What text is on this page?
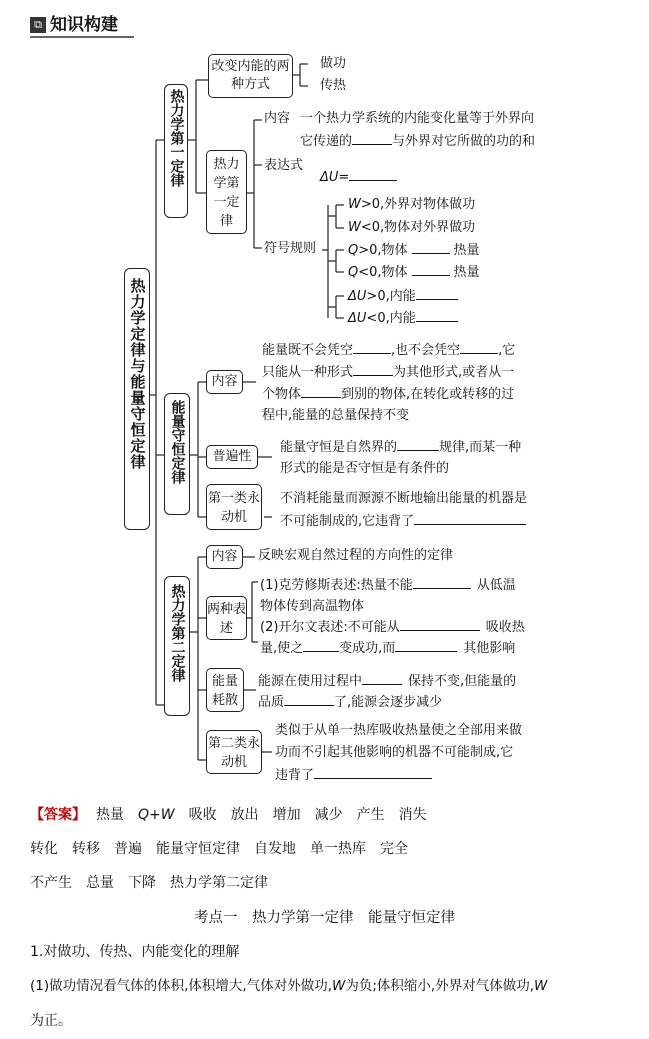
⧉ 知识构建
热力学定律与能量守恒定律
热力学第一定律
改变内能的两种方式
做功
传热
热力学第一定律
内容 一个热力学系统的内能变化量等于外界向
它传递的	与外界对它所做的功的和
表达式
ΔU=
符号规则
W>0,外界对物体做功
W<0,物体对外界做功
Q>0,物体	热量
Q<0,物体	热量
ΔU>0,内能
ΔU<0,内能
能量守恒定律
内容
能量既不会凭空	,也不会凭空	,它
只能从一种形式	为其他形式,或者从一
个物体	到别的物体,在转化或转移的过
程中,能量的总量保持不变
普遍性
能量守恒是自然界的	规律,而某一种
形式的能是否守恒是有条件的
第一类永动机
不消耗能量而源源不断地输出能量的机器是
不可能制成的,它违背了
热力学第二定律
内容	反映宏观自然过程的方向性的定律
两种表述
(1)克劳修斯表述:热量不能	从低温
物体传到高温物体
(2)开尔文表述:不可能从	吸收热
量,使之	变成功,而	其他影响
能量耗散
能源在使用过程中	保持不变,但能量的
品质	了,能源会逐步减少
第二类永动机
类似于从单一热库吸收热量使之全部用来做
功而不引起其他影响的机器不可能制成,它
违背了
【答案】 热量 Q+W 吸收 放出 增加 减少 产生 消失
转化 转移 普遍 能量守恒定律 自发地 单一热库 完全
不产生 总量 下降 热力学第二定律
考点一　热力学第一定律　能量守恒定律
1.对做功、传热、内能变化的理解
(1)做功情况看气体的体积,体积增大,气体对外做功,W为负;体积缩小,外界对气体做功,W
为正。
